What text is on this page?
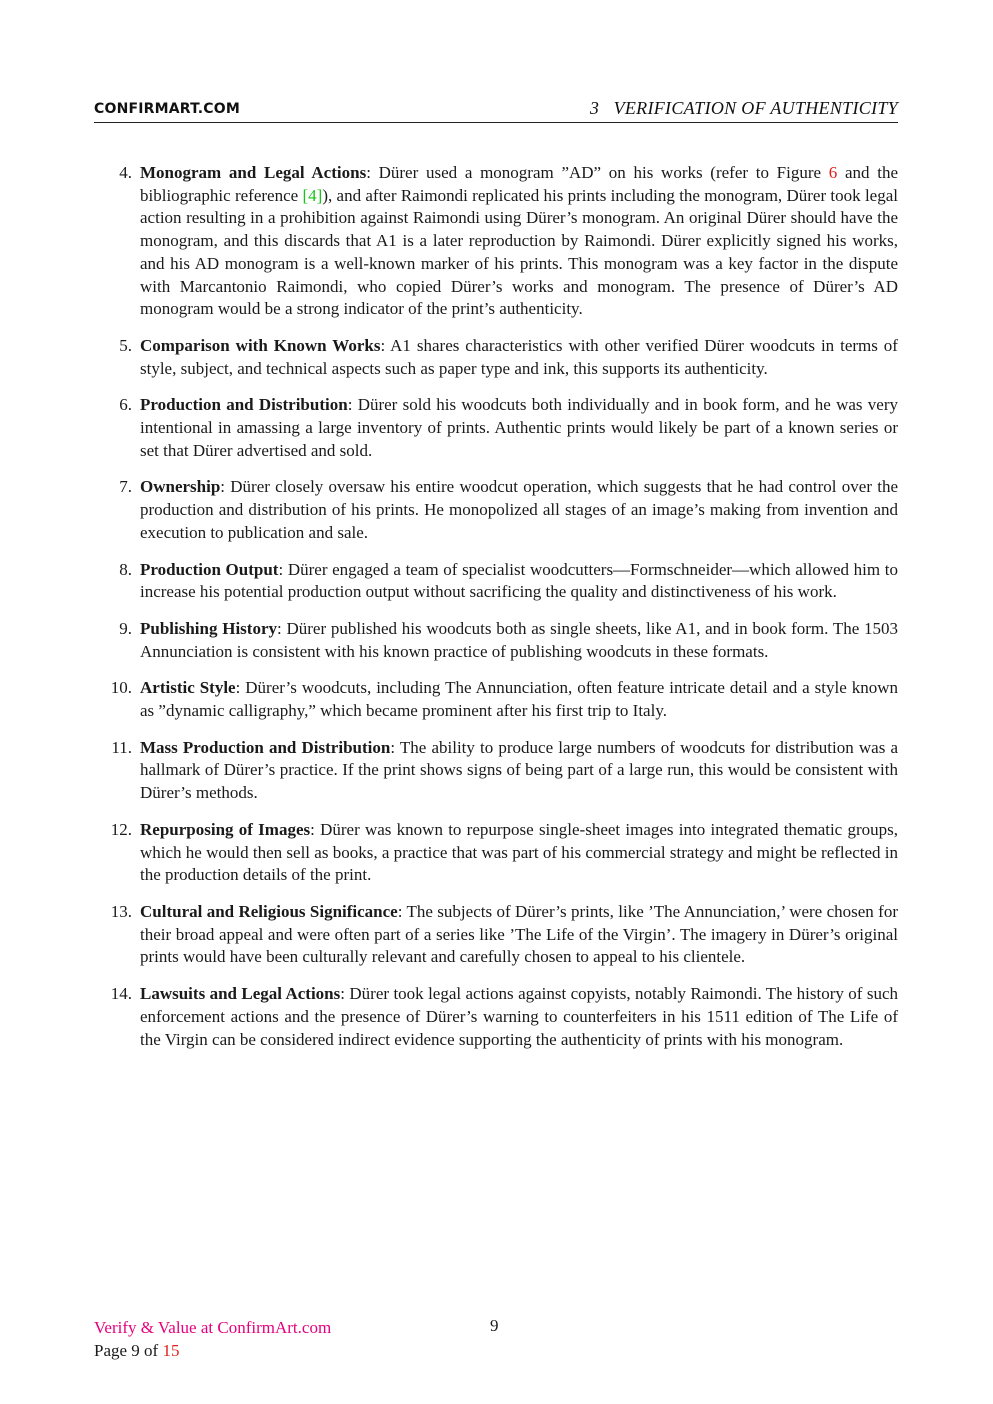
CONFIRMART.COM	3   VERIFICATION OF AUTHENTICITY
4. Monogram and Legal Actions: Dürer used a monogram ”AD” on his works (refer to Figure 6 and the bibliographic reference [4]), and after Raimondi replicated his prints including the monogram, Dürer took legal action resulting in a prohibition against Raimondi using Dürer’s monogram. An original Dürer should have the monogram, and this discards that A1 is a later reproduction by Raimondi. Dürer explicitly signed his works, and his AD monogram is a well-known marker of his prints. This monogram was a key factor in the dispute with Marcantonio Raimondi, who copied Dürer’s works and monogram. The presence of Dürer’s AD monogram would be a strong indicator of the print’s authenticity.
5. Comparison with Known Works: A1 shares characteristics with other verified Dürer woodcuts in terms of style, subject, and technical aspects such as paper type and ink, this supports its authenticity.
6. Production and Distribution: Dürer sold his woodcuts both individually and in book form, and he was very intentional in amassing a large inventory of prints. Authentic prints would likely be part of a known series or set that Dürer advertised and sold.
7. Ownership: Dürer closely oversaw his entire woodcut operation, which suggests that he had control over the production and distribution of his prints. He monopolized all stages of an image’s making from invention and execution to publication and sale.
8. Production Output: Dürer engaged a team of specialist woodcutters—Formschneider—which allowed him to increase his potential production output without sacrificing the quality and distinctiveness of his work.
9. Publishing History: Dürer published his woodcuts both as single sheets, like A1, and in book form. The 1503 Annunciation is consistent with his known practice of publishing woodcuts in these formats.
10. Artistic Style: Dürer’s woodcuts, including The Annunciation, often feature intricate detail and a style known as ”dynamic calligraphy,” which became prominent after his first trip to Italy.
11. Mass Production and Distribution: The ability to produce large numbers of woodcuts for distribution was a hallmark of Dürer’s practice. If the print shows signs of being part of a large run, this would be consistent with Dürer’s methods.
12. Repurposing of Images: Dürer was known to repurpose single-sheet images into integrated thematic groups, which he would then sell as books, a practice that was part of his commercial strategy and might be reflected in the production details of the print.
13. Cultural and Religious Significance: The subjects of Dürer’s prints, like ’The Annunciation,’ were chosen for their broad appeal and were often part of a series like ’The Life of the Virgin’. The imagery in Dürer’s original prints would have been culturally relevant and carefully chosen to appeal to his clientele.
14. Lawsuits and Legal Actions: Dürer took legal actions against copyists, notably Raimondi. The history of such enforcement actions and the presence of Dürer’s warning to counterfeiters in his 1511 edition of The Life of the Virgin can be considered indirect evidence supporting the authenticity of prints with his monogram.
Verify & Value at ConfirmArt.com
Page 9 of 15
9
